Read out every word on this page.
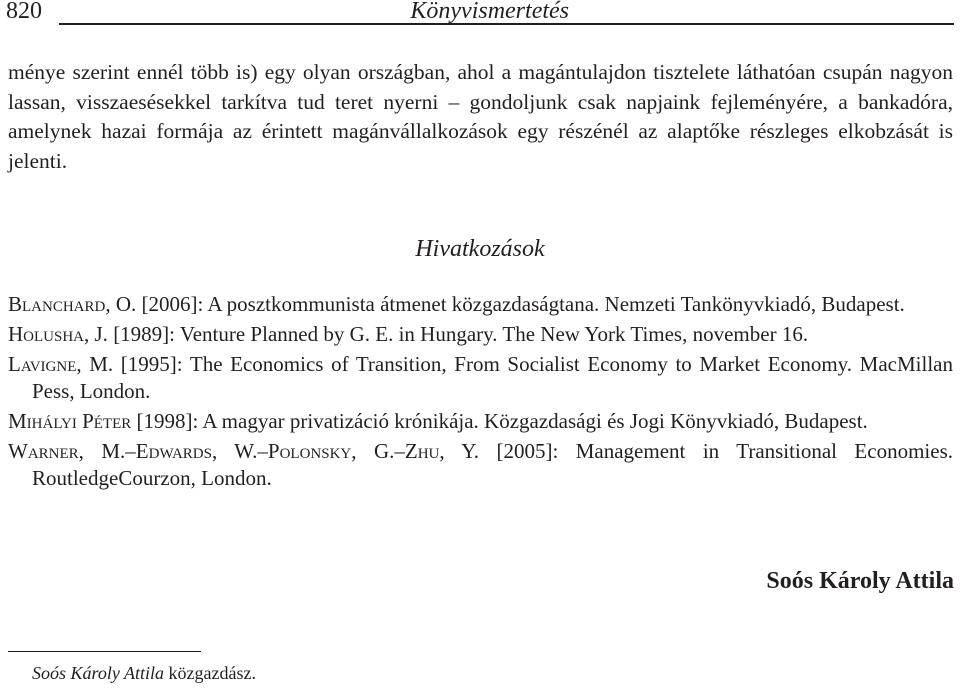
820	Könyvismertetés

ménye szerint ennél több is) egy olyan országban, ahol a magántulajdon tisztelete láthatóan csupán nagyon lassan, visszaesésekkel tarkítva tud teret nyerni – gondoljunk csak napjaink fejleményére, a bankadóra, amelynek hazai formája az érintett magánvállalkozások egy részénél az alaptőke részleges elkobzását is jelenti.

Hivatkozások
Blanchard, O. [2006]: A posztkommunista átmenet közgazdaságtana. Nemzeti Tankönyvkiadó, Budapest.
Holusha, J. [1989]: Venture Planned by G. E. in Hungary. The New York Times, november 16.
Lavigne, M. [1995]: The Economics of Transition, From Socialist Economy to Market Economy. MacMillan Pess, London.
Mihályi Péter [1998]: A magyar privatizáció krónikája. Közgazdasági és Jogi Könyvkiadó, Budapest.
Warner, M.–Edwards, W.–Polonsky, G.–Zhu, Y. [2005]: Management in Transitional Economies. RoutledgeCourzon, London.

Soós Károly Attila

Soós Károly Attila közgazdász.
